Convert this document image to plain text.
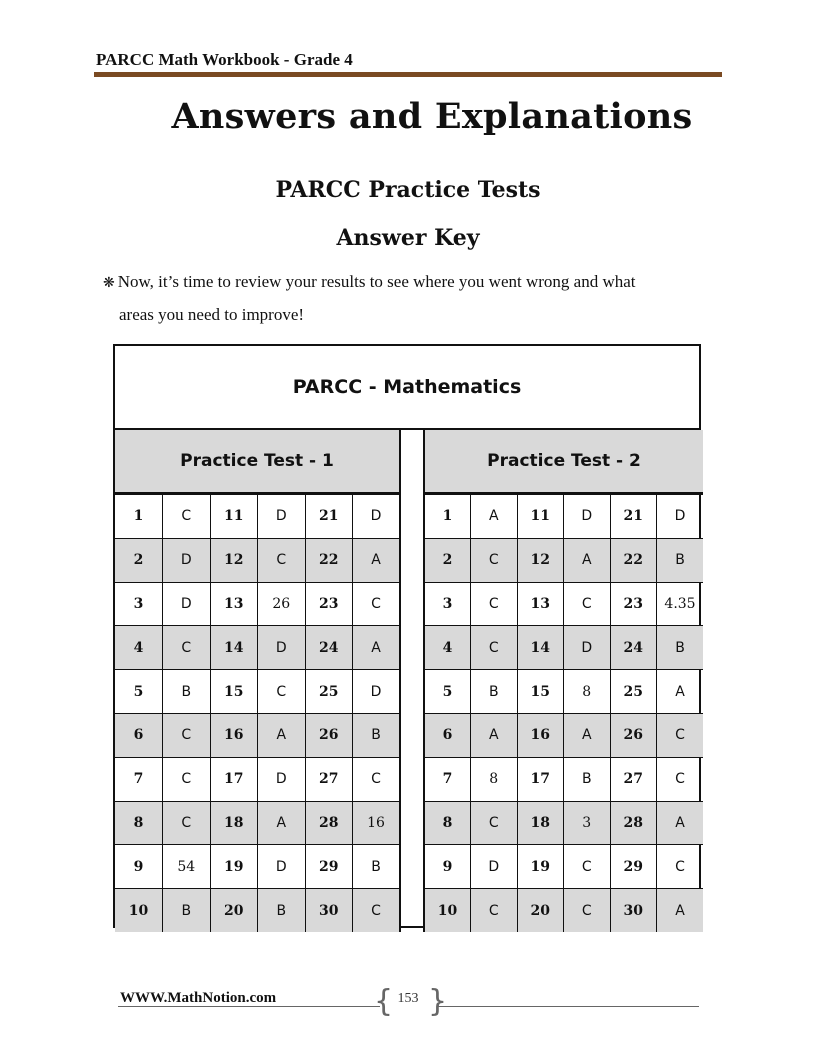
PARCC Math Workbook - Grade 4
Answers and Explanations
PARCC Practice Tests
Answer Key
❋ Now, it’s time to review your results to see where you went wrong and what
areas you need to improve!
PARCC - Mathematics
Practice Test - 1
1	C	11	D	21	D
2	D	12	C	22	A
3	D	13	26	23	C
4	C	14	D	24	A
5	B	15	C	25	D
6	C	16	A	26	B
7	C	17	D	27	C
8	C	18	A	28	16
9	54	19	D	29	B
10	B	20	B	30	C
Practice Test - 2
1	A	11	D	21	D
2	C	12	A	22	B
3	C	13	C	23	4.35
4	C	14	D	24	B
5	B	15	8	25	A
6	A	16	A	26	C
7	8	17	B	27	C
8	C	18	3	28	A
9	D	19	C	29	C
10	C	20	C	30	A
WWW.MathNotion.com	{ 153 }
